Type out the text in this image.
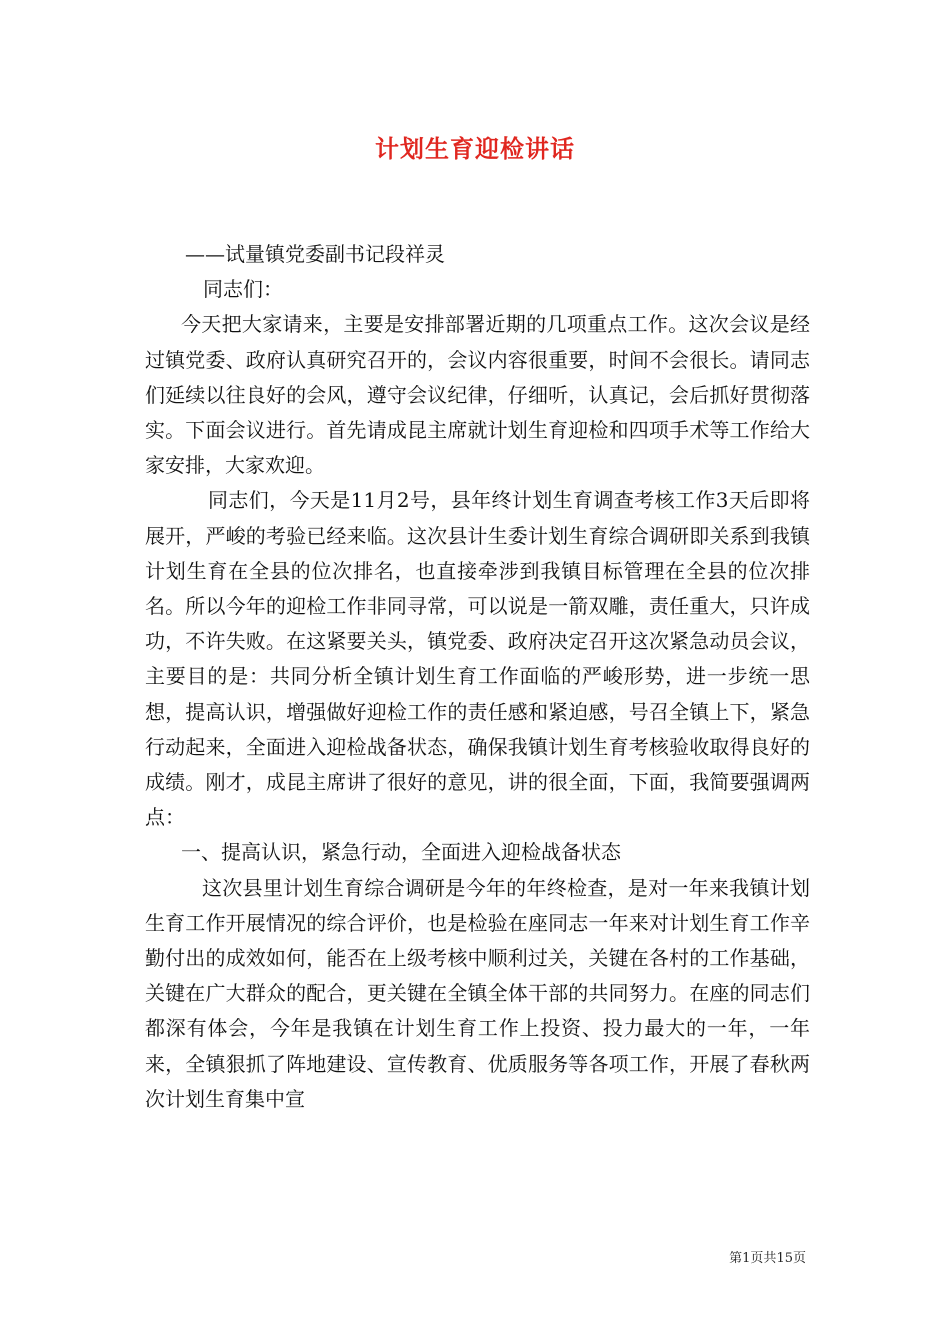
计划生育迎检讲话

——试量镇党委副书记段祥灵

同志们：

今天把大家请来，主要是安排部署近期的几项重点工作。这次会议是经过镇党委、政府认真研究召开的，会议内容很重要，时间不会很长。请同志们延续以往良好的会风，遵守会议纪律，仔细听，认真记，会后抓好贯彻落实。下面会议进行。首先请成昆主席就计划生育迎检和四项手术等工作给大家安排，大家欢迎。

同志们，今天是11月2号，县年终计划生育调查考核工作3天后即将展开，严峻的考验已经来临。这次县计生委计划生育综合调研即关系到我镇计划生育在全县的位次排名，也直接牵涉到我镇目标管理在全县的位次排名。所以今年的迎检工作非同寻常，可以说是一箭双雕，责任重大，只许成功，不许失败。在这紧要关头，镇党委、政府决定召开这次紧急动员会议，主要目的是：共同分析全镇计划生育工作面临的严峻形势，进一步统一思想，提高认识，增强做好迎检工作的责任感和紧迫感，号召全镇上下，紧急行动起来，全面进入迎检战备状态，确保我镇计划生育考核验收取得良好的成绩。刚才，成昆主席讲了很好的意见，讲的很全面，下面，我简要强调两点：

一、提高认识，紧急行动，全面进入迎检战备状态

这次县里计划生育综合调研是今年的年终检查，是对一年来我镇计划生育工作开展情况的综合评价，也是检验在座同志一年来对计划生育工作辛勤付出的成效如何，能否在上级考核中顺利过关，关键在各村的工作基础，关键在广大群众的配合，更关键在全镇全体干部的共同努力。在座的同志们都深有体会，今年是我镇在计划生育工作上投资、投力最大的一年，一年来，全镇狠抓了阵地建设、宣传教育、优质服务等各项工作，开展了春秋两次计划生育集中宣

第1页共15页
